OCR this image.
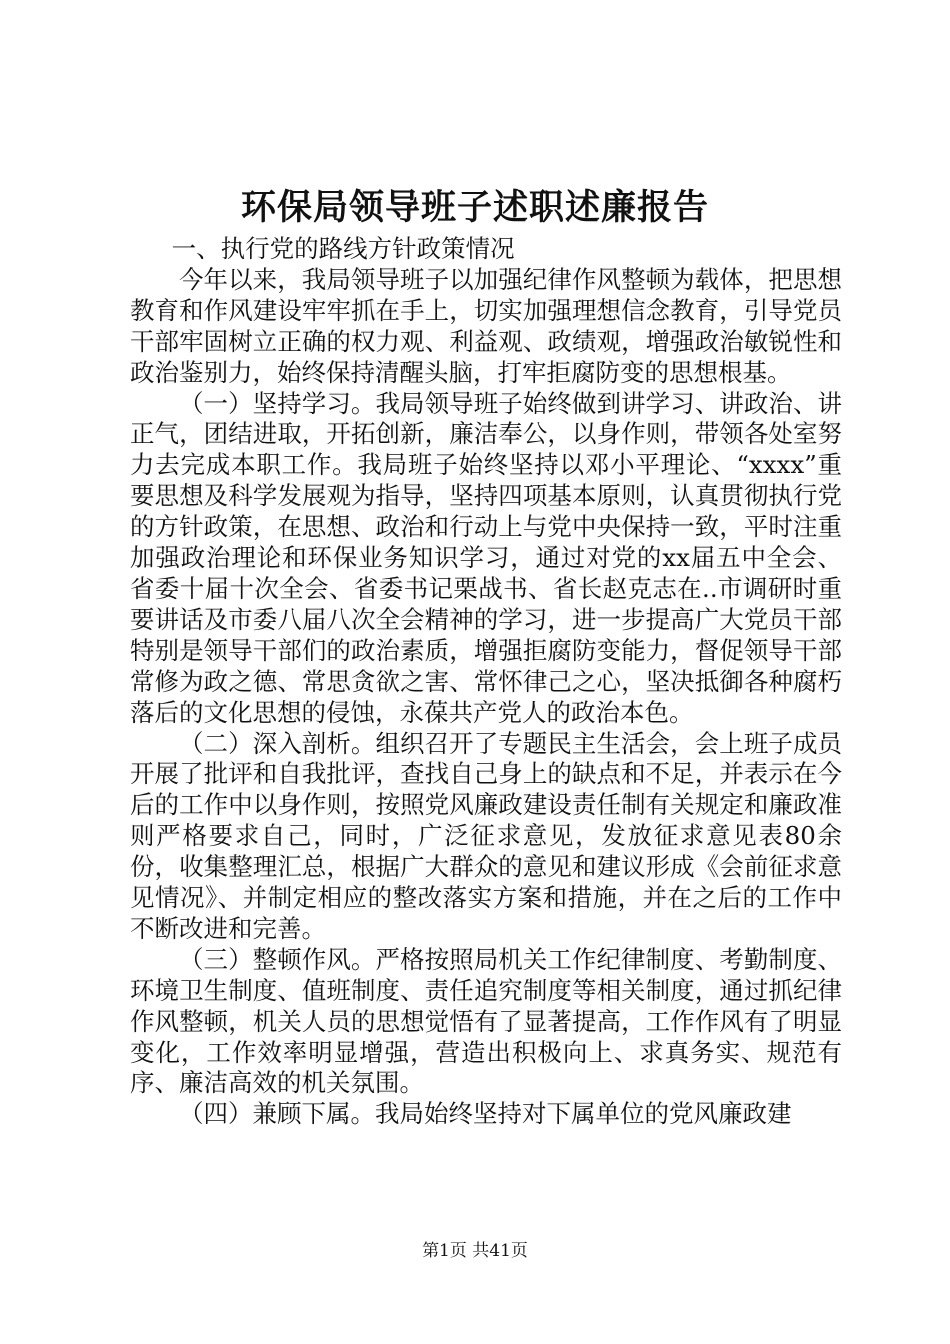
环保局领导班子述职述廉报告

一、执行党的路线方针政策情况

今年以来，我局领导班子以加强纪律作风整顿为载体，把思想教育和作风建设牢牢抓在手上，切实加强理想信念教育，引导党员干部牢固树立正确的权力观、利益观、政绩观，增强政治敏锐性和政治鉴别力，始终保持清醒头脑，打牢拒腐防变的思想根基。

（一）坚持学习。我局领导班子始终做到讲学习、讲政治、讲正气，团结进取，开拓创新，廉洁奉公，以身作则，带领各处室努力去完成本职工作。我局班子始终坚持以邓小平理论、“xxxx”重要思想及科学发展观为指导，坚持四项基本原则，认真贯彻执行党的方针政策，在思想、政治和行动上与党中央保持一致，平时注重加强政治理论和环保业务知识学习，通过对党的xx届五中全会、省委十届十次全会、省委书记栗战书、省长赵克志在..市调研时重要讲话及市委八届八次全会精神的学习，进一步提高广大党员干部特别是领导干部们的政治素质，增强拒腐防变能力，督促领导干部常修为政之德、常思贪欲之害、常怀律己之心，坚决抵御各种腐朽落后的文化思想的侵蚀，永葆共产党人的政治本色。

（二）深入剖析。组织召开了专题民主生活会，会上班子成员开展了批评和自我批评，查找自己身上的缺点和不足，并表示在今后的工作中以身作则，按照党风廉政建设责任制有关规定和廉政准则严格要求自己，同时，广泛征求意见，发放征求意见表80余份，收集整理汇总，根据广大群众的意见和建议形成《会前征求意见情况》、并制定相应的整改落实方案和措施，并在之后的工作中不断改进和完善。

（三）整顿作风。严格按照局机关工作纪律制度、考勤制度、环境卫生制度、值班制度、责任追究制度等相关制度，通过抓纪律作风整顿，机关人员的思想觉悟有了显著提高，工作作风有了明显变化，工作效率明显增强，营造出积极向上、求真务实、规范有序、廉洁高效的机关氛围。

（四）兼顾下属。我局始终坚持对下属单位的党风廉政建

第1页 共41页
